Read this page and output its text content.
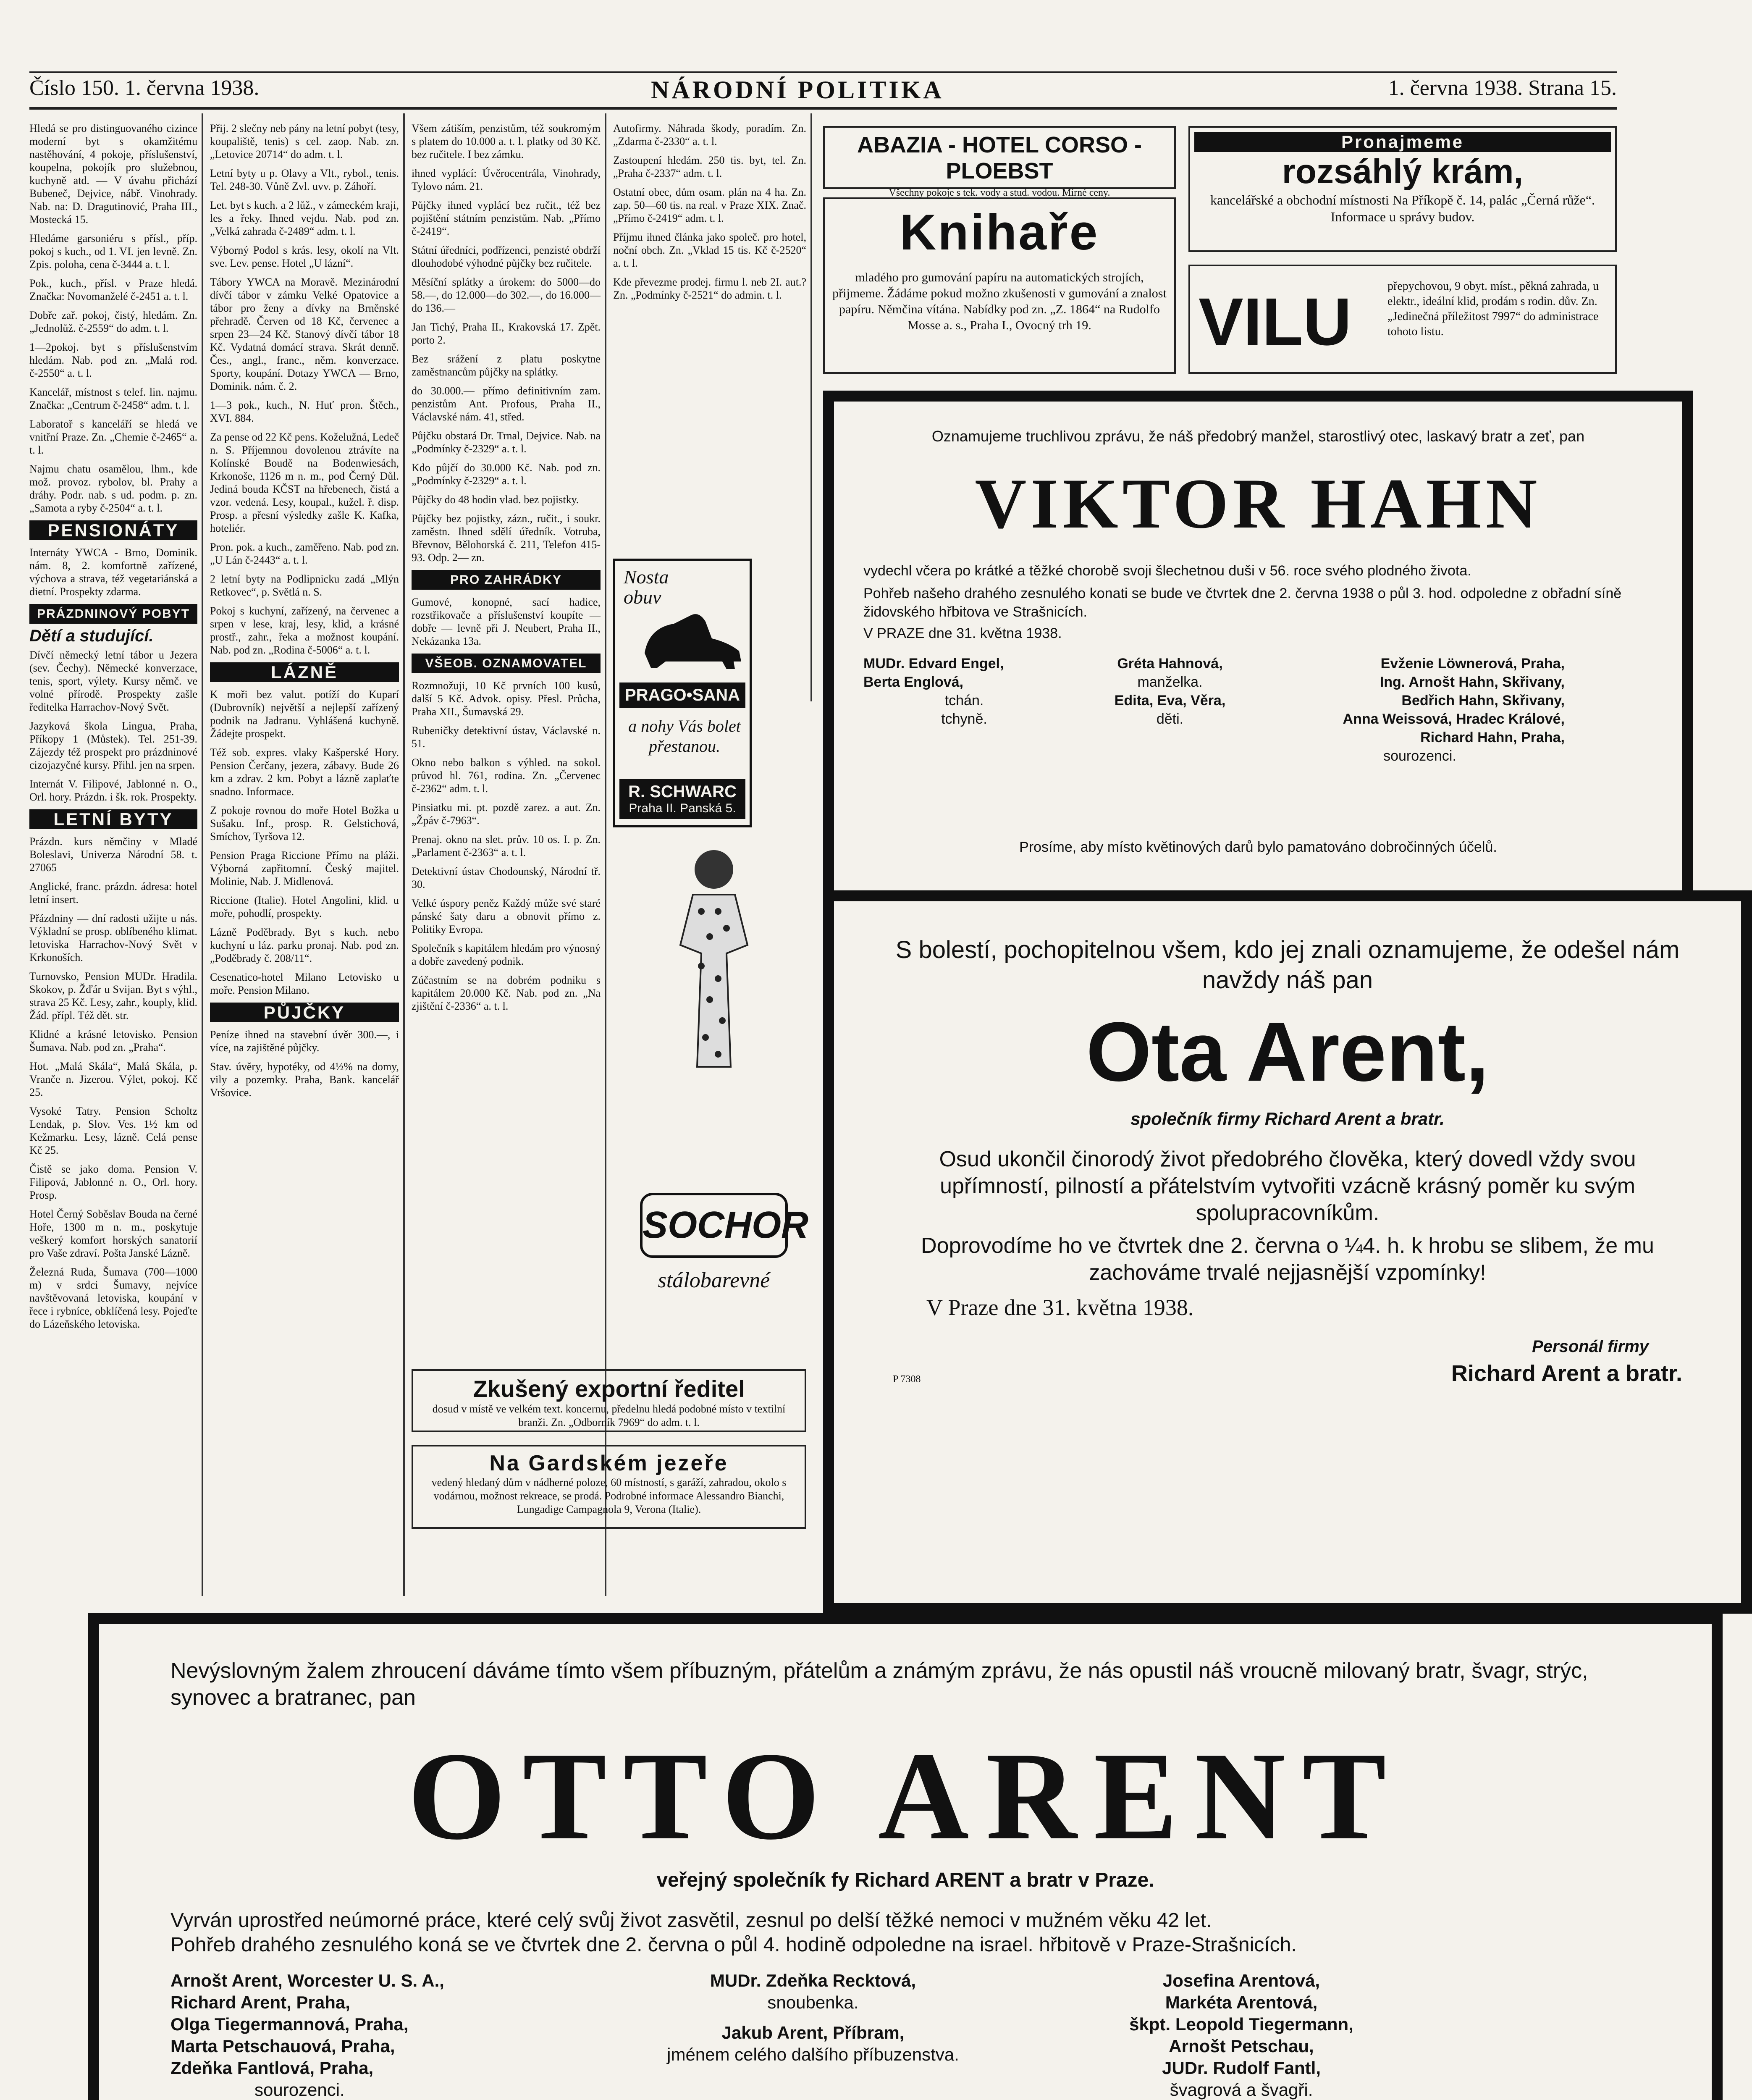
Číslo 150. 1. června 1938.	NÁRODNÍ POLITIKA	1. června 1938. Strana 15.
Hledá se pro distinguovaného cizince moderní byt s okamžitému nastěhování, 4 pokoje, příslušenství, koupelna, pokojík pro služebnou, kuchyně atd. — V úvahu přichází Bubeneč, Dejvice, nábř. Vinohrady. Nab. na: D. Dragutinović, Praha III., Mostecká 15.
Hledáme garsoniéru s přísl., příp. pokoj s kuch., od 1. VI. jen levně. Zn. Zpis. poloha, cena č-3444 a. t. l.
Pok., kuch., přísl. v Praze hledá. Značka: Novomanželé č-2451 a. t. l.
Dobře zař. pokoj, čistý, hledám. Zn. „Jednolůž. č-2559“ do adm. t. l.
1—2pokoj. byt s příslušenstvím hledám. Nab. pod zn. „Malá rod. č-2550“ a. t. l.
Kancelář, místnost s telef. lin. najmu. Značka: „Centrum č-2458“ adm. t. l.
Laboratoř s kanceláří se hledá ve vnitřní Praze. Zn. „Chemie č-2465“ a. t. l.
Najmu chatu osamělou, lhm., kde mož. provoz. rybolov, bl. Prahy a dráhy. Podr. nab. s ud. podm. p. zn. „Samota a ryby č-2504“ a. t. l.
PENSIONÁTY
Internáty YWCA - Brno, Dominik. nám. 8, 2. komfortně zařízené, výchova a strava, též vegetariánská a dietní. Prospekty zdarma.
PRÁZDNINOVÝ POBYT
Dětí a studující.
Dívčí německý letní tábor u Jezera (sev. Čechy). Německé konverzace, tenis, sport, výlety. Kursy němč. ve volné přírodě. Prospekty zašle ředitelka Harrachov-Nový Svět.
Jazyková škola Lingua, Praha, Příkopy 1 (Můstek). Tel. 251-39. Zájezdy též prospekt pro prázdninové cizojazyčné kursy. Přihl. jen na srpen.
Internát V. Filipové, Jablonné n. O., Orl. hory. Prázdn. i šk. rok. Prospekty.
LETNÍ BYTY
Prázdn. kurs němčiny v Mladé Boleslavi, Univerza Národní 58. t. 27065
Anglické, franc. prázdn. ádresa: hotel letní insert.
Přázdniny — dní radosti užijte u nás. Výkladní se prosp. oblíbeného klimat. letoviska Harrachov-Nový Svět v Krkonoších.
Turnovsko, Pension MUDr. Hradila. Skokov, p. Žďár u Svijan. Byt s výhl., strava 25 Kč. Lesy, zahr., kouply, klid. Žád. přípl. Též dět. str.
Klidné a krásné letovisko. Pension Šumava. Nab. pod zn. „Praha“.
Hot. „Malá Skála“, Malá Skála, p. Vranče n. Jizerou. Výlet, pokoj. Kč 25.
Vysoké Tatry. Pension Scholtz Lendak, p. Slov. Ves. 1½ km od Kežmarku. Lesy, lázně. Celá pense Kč 25.
Čistě se jako doma. Pension V. Filipová, Jablonné n. O., Orl. hory. Prosp.
Hotel Černý Soběslav Bouda na černé Hoře, 1300 m n. m., poskytuje veškerý komfort horských sanatorií pro Vaše zdraví. Pošta Janské Lázně.
Železná Ruda, Šumava (700—1000 m) v srdci Šumavy, nejvíce navštěvovaná letoviska, koupání v řece i rybníce, obklíčená lesy. Pojeďte do Lázeňského letoviska.
Přij. 2 slečny neb pány na letní pobyt (tesy, koupaliště, tenis) s cel. zaop. Nab. zn. „Letovice 20714“ do adm. t. l.
Letní byty u p. Olavy a Vlt., rybol., tenis. Tel. 248-30. Vůně Zvl. uvv. p. Záhoří.
Let. byt s kuch. a 2 lůž., v zámeckém kraji, les a řeky. Ihned vejdu. Nab. pod zn. „Velká zahrada č-2489“ adm. t. l.
Výborný Podol s krás. lesy, okolí na Vlt. sve. Lev. pense. Hotel „U lázní“.
Tábory YWCA na Moravě. Mezinárodní dívčí tábor v zámku Velké Opatovice a tábor pro ženy a dívky na Brněnské přehradě. Červen od 18 Kč, červenec a srpen 23—24 Kč. Stanový dívčí tábor 18 Kč. Vydatná domácí strava. Skrát denně. Čes., angl., franc., něm. konverzace. Sporty, koupání. Dotazy YWCA — Brno, Dominik. nám. č. 2.
1—3 pok., kuch., N. Huť pron. Štěch., XVI. 884.
Za pense od 22 Kč pens. Koželužná, Ledeč n. S. Příjemnou dovolenou ztrávíte na Kolínské Boudě na Bodenwiesách, Krkonoše, 1126 m n. m., pod Černý Důl. Jediná bouda KČST na hřebenech, čistá a vzor. vedená. Lesy, koupal., kužel. ř. disp. Prosp. a přesní výsledky zašle K. Kafka, hoteliér.
Pron. pok. a kuch., zaměřeno. Nab. pod zn. „U Lán č-2443“ a. t. l.
2 letní byty na Podlipnicku zadá „Mlýn Retkovec“, p. Světlá n. S.
Pokoj s kuchyní, zařízený, na červenec a srpen v lese, kraj, lesy, klid, a krásné prostř., zahr., řeka a možnost koupání. Nab. pod zn. „Rodina č-5006“ a. t. l.
LÁZNĚ
K moři bez valut. potíží do Kuparí (Dubrovník) největší a nejlepší zařízený podnik na Jadranu. Vyhlášená kuchyně. Žádejte prospekt.
Též sob. expres. vlaky Kašperské Hory. Pension Čerčany, jezera, zábavy. Bude 26 km a zdrav. 2 km. Pobyt a lázně zaplaťte snadno. Informace.
Z pokoje rovnou do moře Hotel Božka u Sušaku. Inf., prosp. R. Gelstichová, Smíchov, Tyršova 12.
Pension Praga Riccione Přímo na pláži. Výborná zapřitomní. Český majitel. Molinie, Nab. J. Midlenová.
Riccione (Italie). Hotel Angolini, klid. u moře, pohodlí, prospekty.
Lázně Poděbrady. Byt s kuch. nebo kuchyní u láz. parku pronaj. Nab. pod zn. „Poděbrady č. 208/11“.
Cesenatico-hotel Milano Letovisko u moře. Pension Milano.
PŮJČKY
Peníze ihned na stavební úvěr 300.—, i více, na zajištěné půjčky.
Stav. úvěry, hypotéky, od 4½% na domy, vily a pozemky. Praha, Bank. kancelář Vršovice.
Všem zátiším, penzistům, též soukromým s platem do 10.000 a. t. l. platky od 30 Kč. bez ručitele. I bez zámku.
ihned vyplácí: Úvěrocentrála, Vinohrady, Tylovo nám. 21.
Půjčky ihned vyplácí bez ručit., též bez pojištění státním penzistům. Nab. „Přímo č-2419“.
Státní úředníci, podřízenci, penzisté obdrží dlouhodobé výhodné půjčky bez ručitele.
Měsíční splátky a úrokem: do 5000—do 58.—, do 12.000—do 302.—, do 16.000—do 136.—
Jan Tichý, Praha II., Krakovská 17. Zpět. porto 2.
Bez srážení z platu poskytne zaměstnancům půjčky na splátky.
do 30.000.— přímo definitivním zam. penzistům Ant. Profous, Praha II., Václavské nám. 41, střed.
Půjčku obstará Dr. Trnal, Dejvice. Nab. na „Podmínky č-2329“ a. t. l.
Kdo půjčí do 30.000 Kč. Nab. pod zn. „Podmínky č-2329“ a. t. l.
Půjčky do 48 hodin vlad. bez pojistky.
Půjčky bez pojistky, zázn., ručit., i soukr. zaměstn. Ihned sdělí úředník. Votruba, Břevnov, Bělohorská č. 211, Telefon 415-93. Odp. 2— zn.
PRO ZAHRÁDKY
Gumové, konopné, sací hadice, rozstřikovače a příslušenství koupíte — dobře — levně při J. Neubert, Praha II., Nekázanka 13a.
VŠEOB. OZNAMOVATEL
Rozmnožuji, 10 Kč prvních 100 kusů, další 5 Kč. Advok. opisy. Přesl. Průcha, Praha XII., Šumavská 29.
Rubeničky detektivní ústav, Václavské n. 51.
Okno nebo balkon s výhled. na sokol. průvod hl. 761, rodina. Zn. „Červenec č-2362“ adm. t. l.
Pinsiatku mi. pt. pozdě zarez. a aut. Zn. „Žpáv č-7963“.
Prenaj. okno na slet. prův. 10 os. I. p. Zn. „Parlament č-2363“ a. t. l.
Detektivní ústav Chodounský, Národní tř. 30.
Velké úspory peněz Každý může své staré pánské šaty daru a obnovit přímo z. Politiky Evropa.
Společník s kapitálem hledám pro výnosný a dobře zavedený podnik.
Zúčastním se na dobrém podniku s kapitálem 20.000 Kč. Nab. pod zn. „Na zjištění č-2336“ a. t. l.
Autofirmy. Náhrada škody, poradím. Zn. „Zdarma č-2330“ a. t. l.
Zastoupení hledám. 250 tis. byt, tel. Zn. „Praha č-2337“ adm. t. l.
Ostatní obec, dům osam. plán na 4 ha. Zn. zap. 50—60 tis. na real. v Praze XIX. Znač. „Přímo č-2419“ adm. t. l.
Příjmu ihned článka jako společ. pro hotel, noční obch. Zn. „Vklad 15 tis. Kč č-2520“ a. t. l.
Kde převezme prodej. firmu l. neb 2I. aut.? Zn. „Podmínky č-2521“ do admin. t. l.
Nosta
obuv
PRAGO•SANA
a nohy Vás bolet přestanou.
R. SCHWARC
Praha II. Panská 5.
SOCHOR
stálobarevné
ABAZIA - HOTEL CORSO - PLOEBST
Všechny pokoje s tek. vody a stud. vodou. Mírné ceny.
Knihaře
mladého pro gumování papíru na automatických strojích, přijmeme. Žádáme pokud možno zkušenosti v gumování a znalost papíru. Němčina vítána. Nabídky pod zn. „Z. 1864“ na Rudolfo Mosse a. s., Praha I., Ovocný trh 19.
Pronajmeme
rozsáhlý krám,
kancelářské a obchodní místnosti Na Příkopě č. 14, palác „Černá růže“. Informace u správy budov.
VILU	přepychovou, 9 obyt. míst., pěkná zahrada, u elektr., ideální klid, prodám s rodin. dův. Zn. „Jedinečná příležitost 7997“ do administrace tohoto listu.
Oznamujeme truchlivou zprávu, že náš předobrý manžel, starostlivý otec, laskavý bratr a zeť, pan
VIKTOR HAHN
vydechl včera po krátké a těžké chorobě svoji šlechetnou duši v 56. roce svého plodného života.
Pohřeb našeho drahého zesnulého konati se bude ve čtvrtek dne 2. června 1938 o půl 3. hod. odpoledne z obřadní síně židovského hřbitova ve Strašnicích.
V PRAZE dne 31. května 1938.
MUDr. Edvard Engel,
Berta Englová,
tchán.
tchyně.
Gréta Hahnová,
manželka.
Edita, Eva, Věra,
děti.
Evženie Löwnerová, Praha,
Ing. Arnošt Hahn, Skřivany,
Bedřich Hahn, Skřivany,
Anna Weissová, Hradec Králové,
Richard Hahn, Praha,
sourozenci.
Prosíme, aby místo květinových darů bylo pamatováno dobročinných účelů.
S bolestí, pochopitelnou všem, kdo jej znali oznamujeme, že odešel nám navždy náš pan
Ota Arent,
společník firmy Richard Arent a bratr.
Osud ukončil činorodý život předobrého člověka, který dovedl vždy svou upřímností, pilností a přátelstvím vytvořiti vzácně krásný poměr ku svým spolupracovníkům.
Doprovodíme ho ve čtvrtek dne 2. června o ¼4. h. k hrobu se slibem, že mu zachováme trvalé nejjasnější vzpomínky!
V Praze dne 31. května 1938.
Personál firmy
Richard Arent a bratr.
P 7308
Zkušený exportní ředitel
dosud v místě ve velkém text. koncernu, předelnu hledá podobné místo v textilní branži. Zn. „Odborník 7969“ do adm. t. l.
Na Gardském jezeře
vedený hledaný dům v nádherné poloze, 60 místností, s garáží, zahradou, okolo s vodárnou, možnost rekreace, se prodá. Podrobné informace Alessandro Bianchi, Lungadige Campagnola 9, Verona (Italie).
Nevýslovným žalem zhroucení dáváme tímto všem příbuzným, přátelům a známým zprávu, že nás opustil náš vroucně milovaný bratr, švagr, strýc, synovec a bratranec, pan
OTTO ARENT
veřejný společník fy Richard ARENT a bratr v Praze.
Vyrván uprostřed neúmorné práce, které celý svůj život zasvětil, zesnul po delší těžké nemoci v mužném věku 42 let.
Pohřeb drahého zesnulého koná se ve čtvrtek dne 2. června o půl 4. hodině odpoledne na israel. hřbitově v Praze-Strašnicích.
Arnošt Arent, Worcester U. S. A.,
Richard Arent, Praha,
Olga Tiegermannová, Praha,
Marta Petschauová, Praha,
Zdeňka Fantlová, Praha,
sourozenci.
MUDr. Zdeňka Recktová,
snoubenka.
Jakub Arent, Příbram,
jménem celého dalšího příbuzenstva.
Josefina Arentová,
Markéta Arentová,
škpt. Leopold Tiegermann,
Arnošt Petschau,
JUDr. Rudolf Fantl,
švagrová a švagři.
